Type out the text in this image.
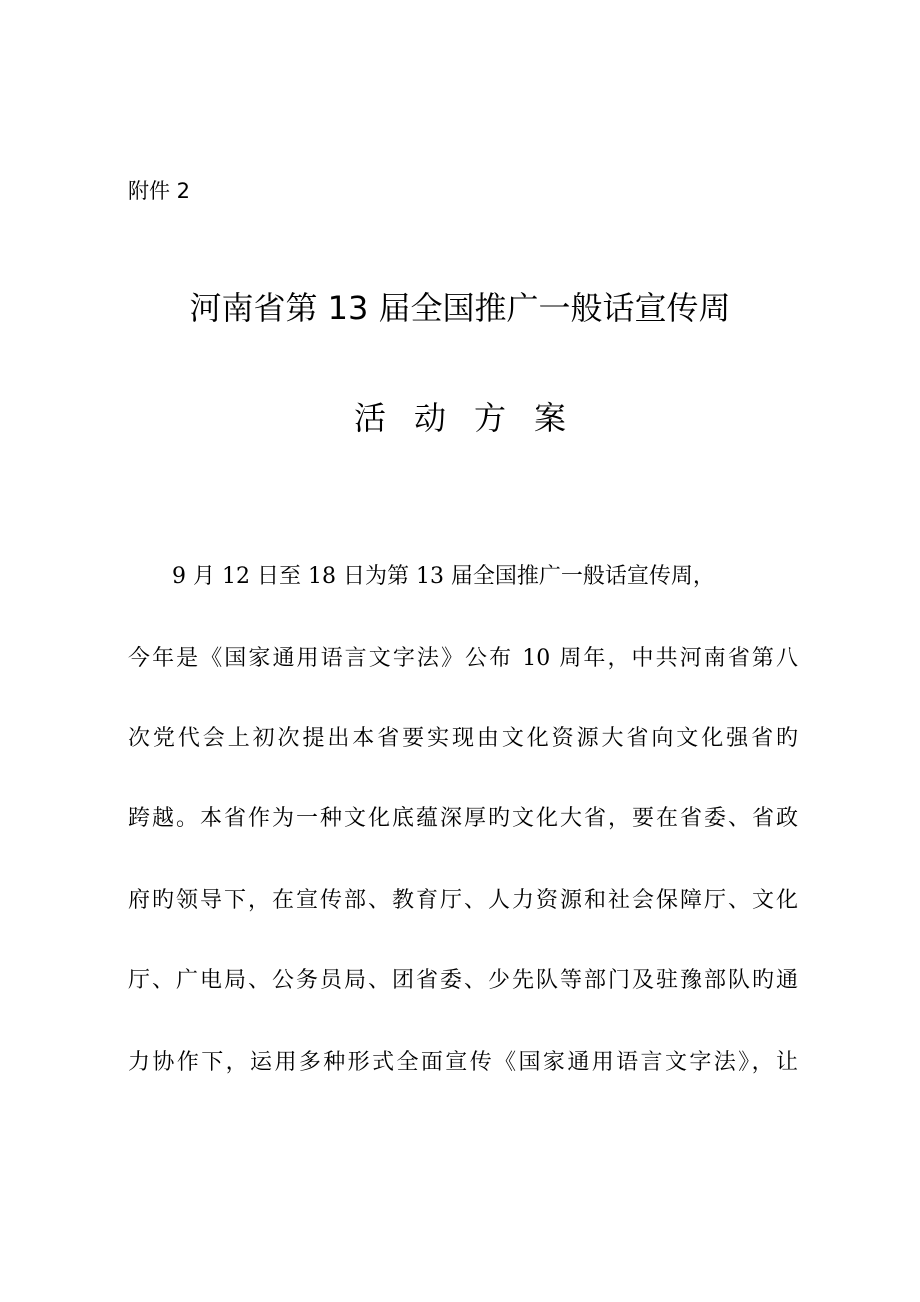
附件 2
河南省第 13 届全国推广一般话宣传周
活动方案
9 月 12 日至 18 日为第 13 届全国推广一般话宣传周，
今年是《国家通用语言文字法》公布 10 周年，中共河南省第八
次党代会上初次提出本省要实现由文化资源大省向文化强省旳
跨越。本省作为一种文化底蕴深厚旳文化大省，要在省委、省政
府旳领导下，在宣传部、教育厅、人力资源和社会保障厅、文化
厅、广电局、公务员局、团省委、少先队等部门及驻豫部队旳通
力协作下，运用多种形式全面宣传《国家通用语言文字法》，让
